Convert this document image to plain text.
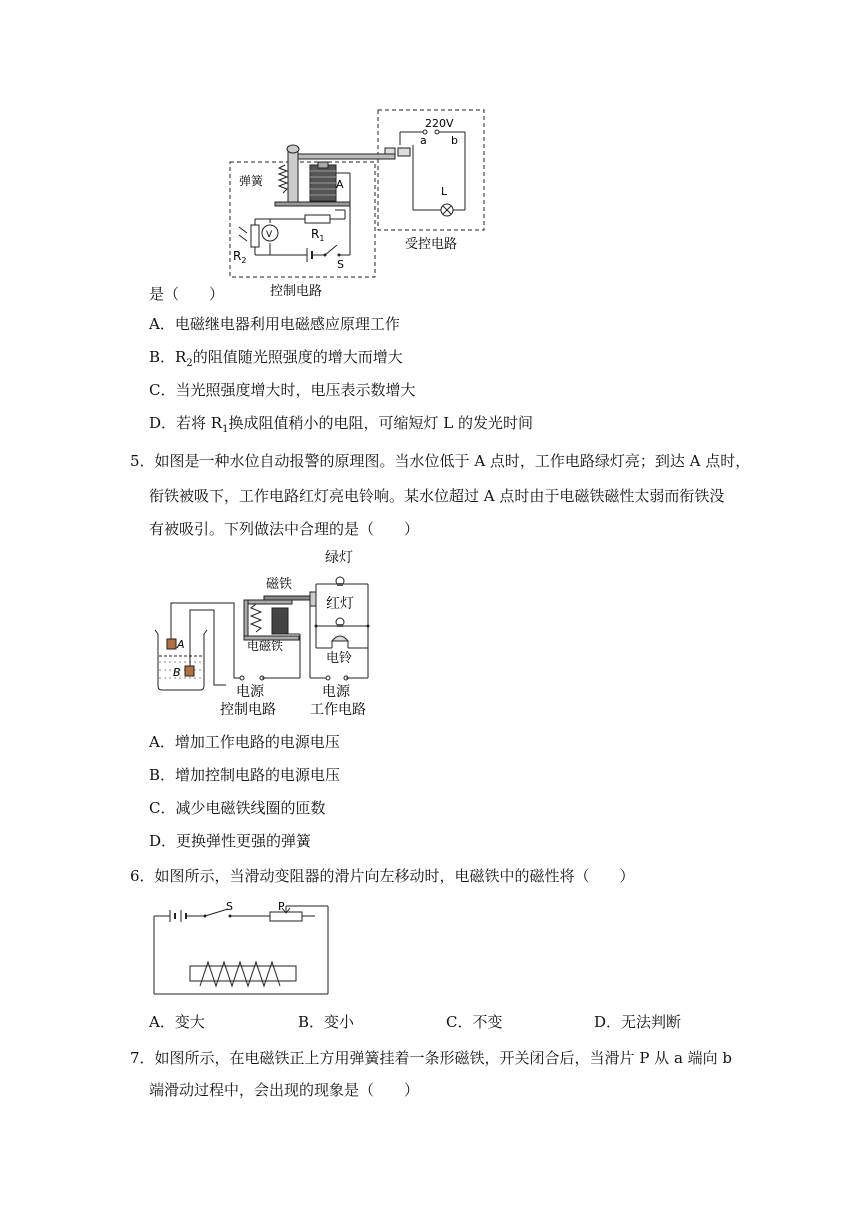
220V
a b
L
弹簧	A
V	$R_1$
$R_2$	S
受控电路
控制电路
是（　　）
A．电磁继电器利用电磁感应原理工作
B．$R_2$的阻值随光照强度的增大而增大
C．当光照强度增大时，电压表示数增大
D．若将 $R_1$换成阻值稍小的电阻，可缩短灯 L 的发光时间
5．如图是一种水位自动报警的原理图。当水位低于 A 点时，工作电路绿灯亮；到达 A 点时，
衔铁被吸下，工作电路红灯亮电铃响。某水位超过 A 点时由于电磁铁磁性太弱而衔铁没
有被吸引。下列做法中合理的是（　　）
绿灯
磁铁
红灯
电磁铁
电铃
A
B
电源
控制电路
电源
工作电路
A．增加工作电路的电源电压
B．增加控制电路的电源电压
C．减少电磁铁线圈的匝数
D．更换弹性更强的弹簧
6．如图所示，当滑动变阻器的滑片向左移动时，电磁铁中的磁性将（　　）
S	P
A．变大	B．变小	C．不变	D．无法判断
7．如图所示，在电磁铁正上方用弹簧挂着一条形磁铁，开关闭合后，当滑片 P 从 a 端向 b
端滑动过程中，会出现的现象是（　　）
